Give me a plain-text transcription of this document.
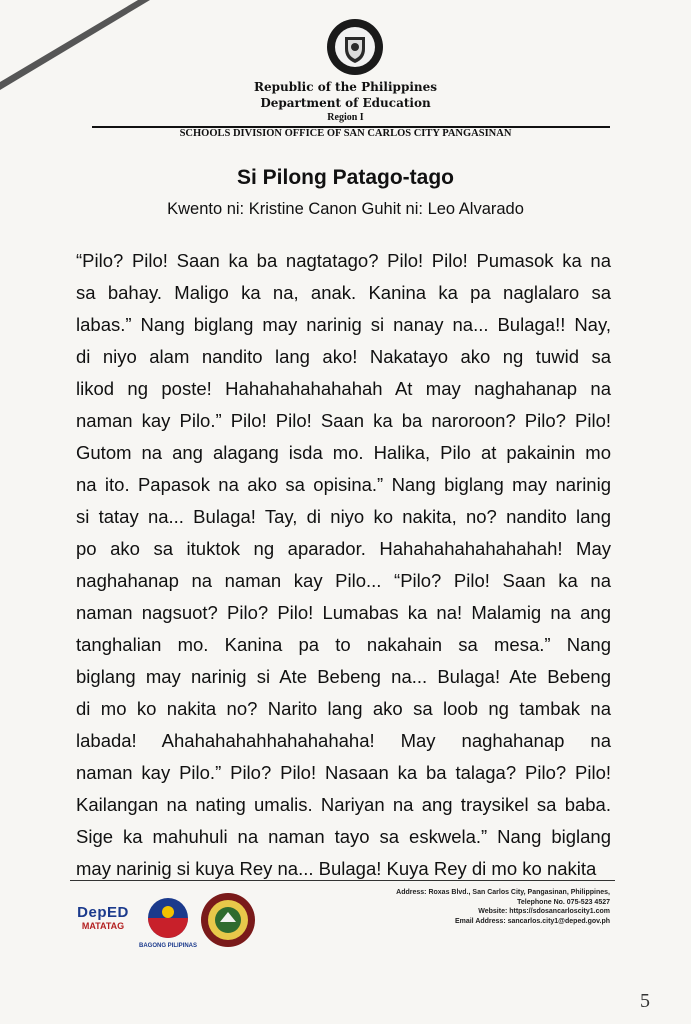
Republic of the Philippines
Department of Education
Region I
SCHOOLS DIVISION OFFICE OF SAN CARLOS CITY PANGASINAN
Si Pilong Patago-tago
Kwento ni: Kristine Canon Guhit ni: Leo Alvarado
“Pilo? Pilo! Saan ka ba nagtatago? Pilo! Pilo! Pumasok ka na
sa bahay. Maligo ka na, anak. Kanina ka pa naglalaro sa
labas.” Nang biglang may narinig si nanay na... Bulaga!! Nay,
di niyo alam nandito lang ako! Nakatayo ako ng tuwid sa
likod ng poste! Hahahahahahahah At may naghahanap na
naman kay Pilo.” Pilo! Pilo! Saan ka ba naroroon? Pilo? Pilo!
Gutom na ang alagang isda mo. Halika, Pilo at pakainin mo
na ito. Papasok na ako sa opisina.” Nang biglang may narinig
si tatay na... Bulaga! Tay, di niyo ko nakita, no? nandito lang
po ako sa ituktok ng aparador. Hahahahahahahahah! May
naghahanap na naman kay Pilo... “Pilo? Pilo! Saan ka na
naman nagsuot? Pilo? Pilo! Lumabas ka na! Malamig na ang
tanghalian mo. Kanina pa to nakahain sa mesa.” Nang
biglang may narinig si Ate Bebeng na... Bulaga! Ate Bebeng
di mo ko nakita no? Narito lang ako sa loob ng tambak na
labada! Ahahahahahhahahahaha! May naghahanap na
naman kay Pilo.” Pilo? Pilo! Nasaan ka ba talaga? Pilo? Pilo!
Kailangan na nating umalis. Nariyan na ang traysikel sa baba.
Sige ka mahuhuli na naman tayo sa eskwela.” Nang biglang
may narinig si kuya Rey na... Bulaga! Kuya Rey di mo ko nakita
DepED
MATATAG
BAGONG PILIPINAS
Address: Roxas Blvd., San Carlos City, Pangasinan, Philippines,
Telephone No. 075-523 4527
Website: https://sdosancarloscity1.com
Email Address: sancarlos.city1@deped.gov.ph
5
